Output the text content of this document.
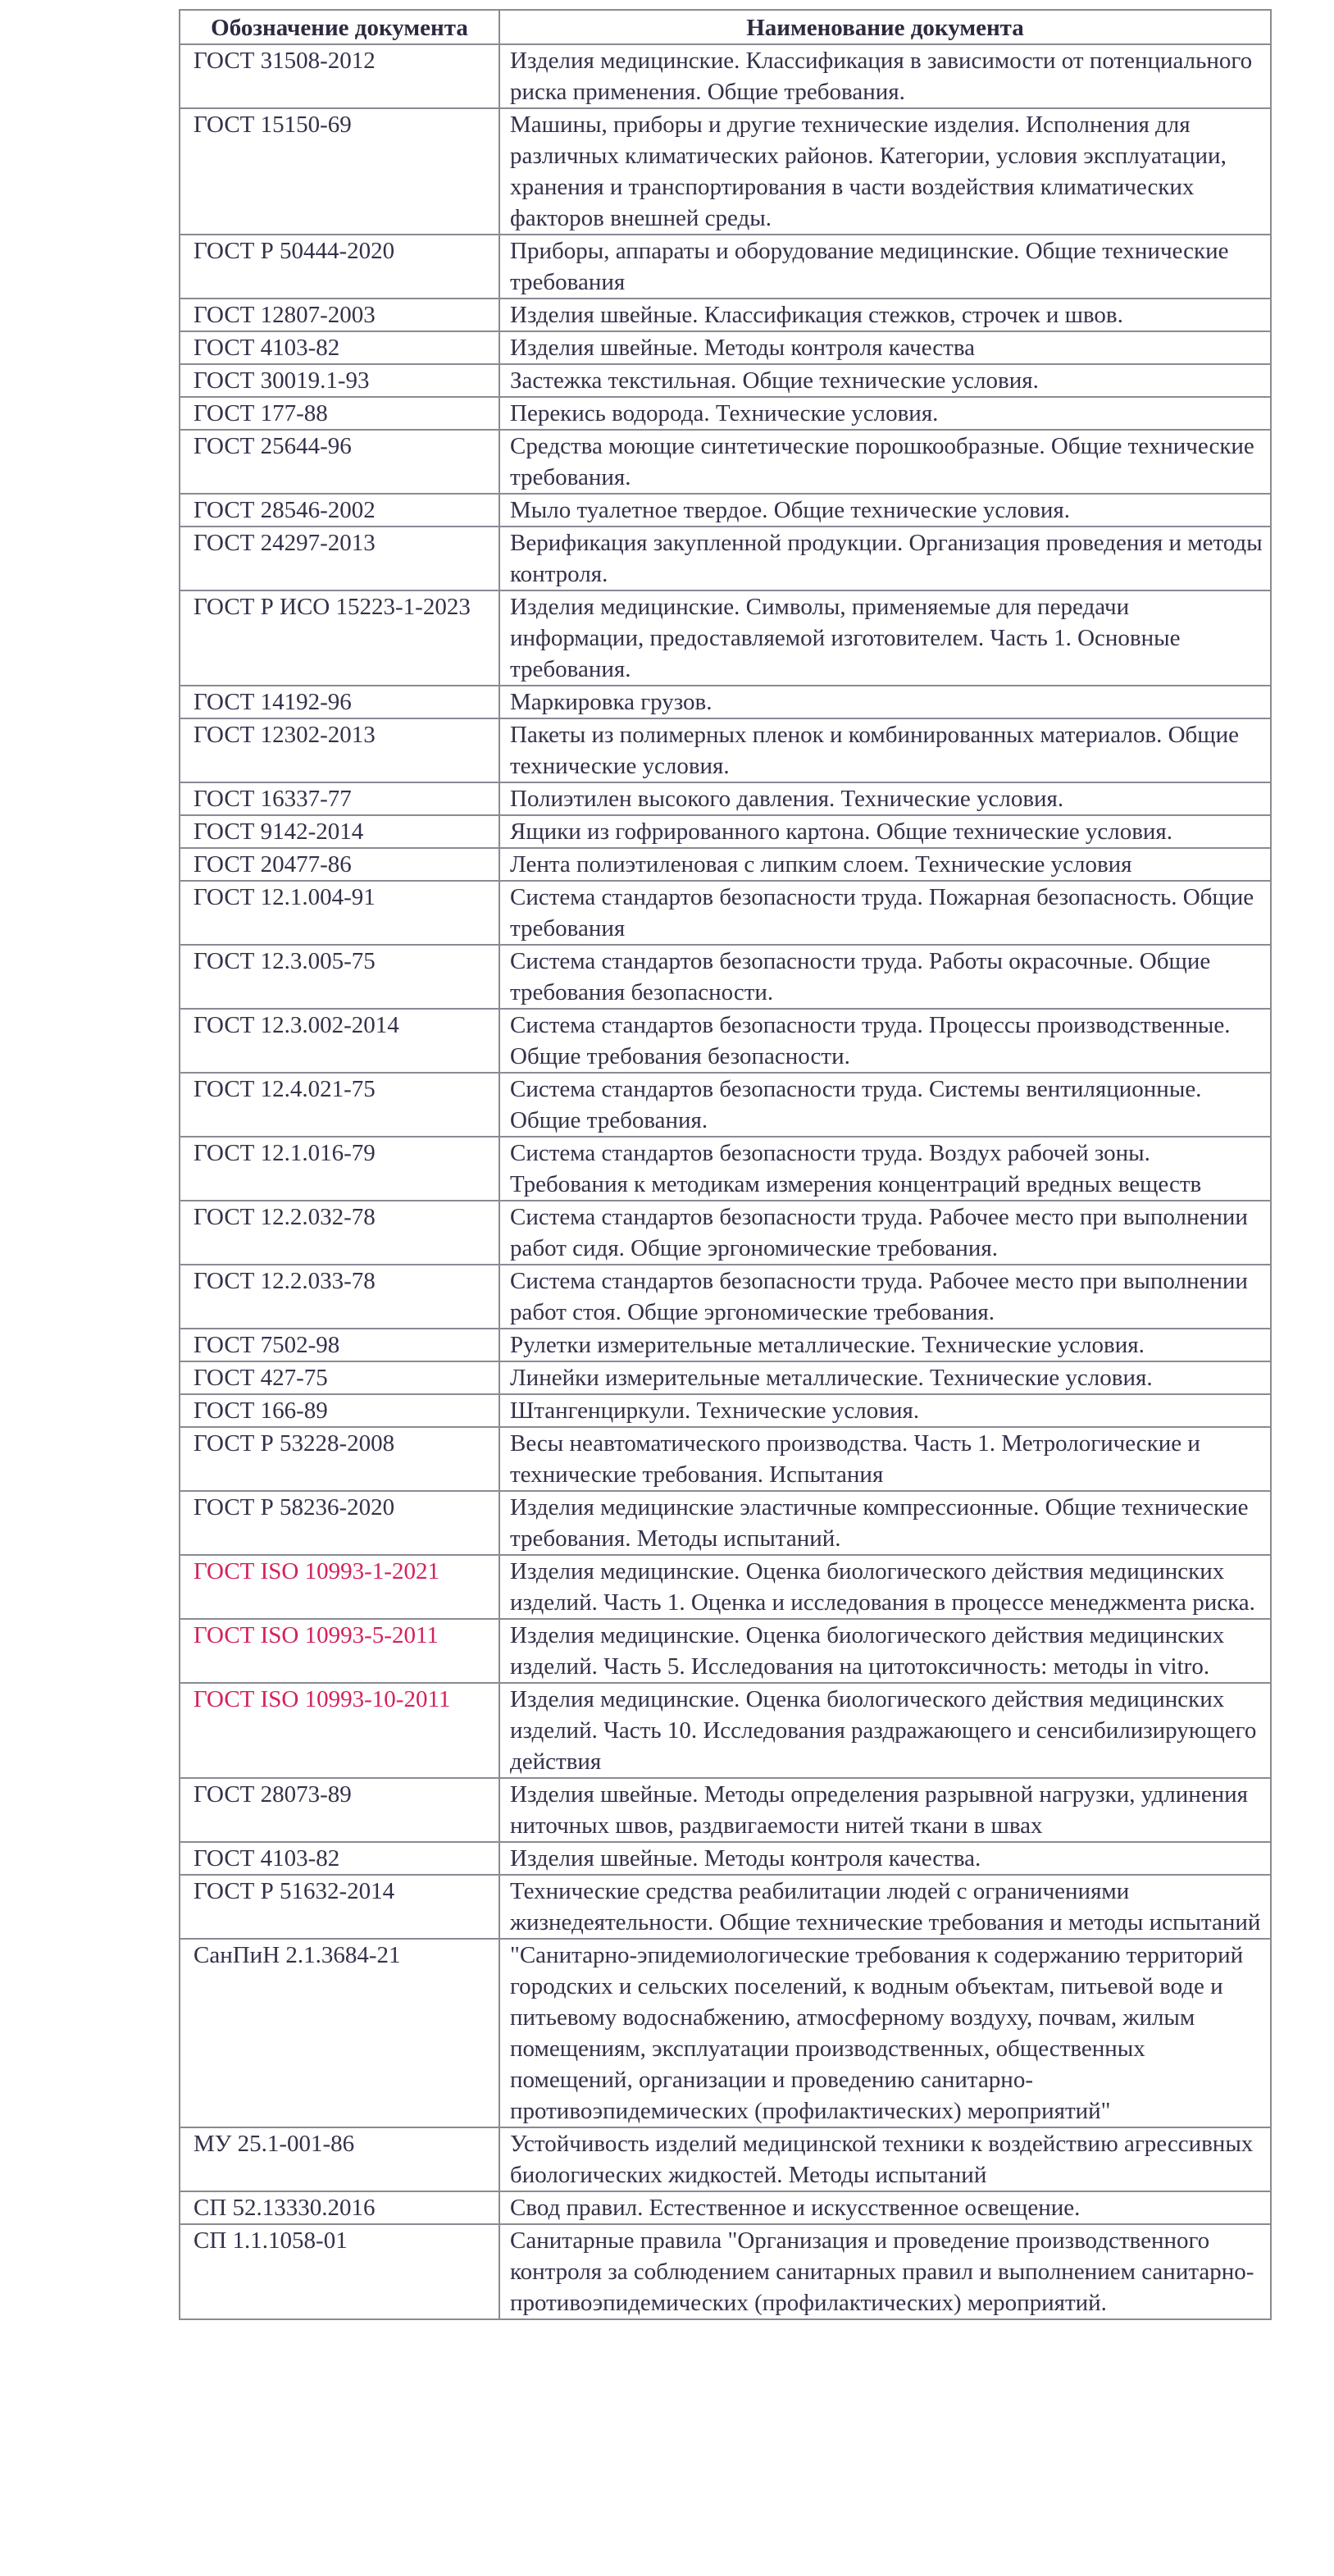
Обозначение документа	Наименование документа
ГОСТ 31508-2012	Изделия медицинские. Классификация в зависимости от потенциального риска применения. Общие требования.
ГОСТ 15150-69	Машины, приборы и другие технические изделия. Исполнения для различных климатических районов. Категории, условия эксплуатации, хранения и транспортирования в части воздействия климатических факторов внешней среды.
ГОСТ Р 50444-2020	Приборы, аппараты и оборудование медицинские. Общие технические требования
ГОСТ 12807-2003	Изделия швейные. Классификация стежков, строчек и швов.
ГОСТ 4103-82	Изделия швейные. Методы контроля качества
ГОСТ 30019.1-93	Застежка текстильная. Общие технические условия.
ГОСТ 177-88	Перекись водорода. Технические условия.
ГОСТ 25644-96	Средства моющие синтетические порошкообразные. Общие технические требования.
ГОСТ 28546-2002	Мыло туалетное твердое. Общие технические условия.
ГОСТ 24297-2013	Верификация закупленной продукции. Организация проведения и методы контроля.
ГОСТ Р ИСО 15223-1-2023	Изделия медицинские. Символы, применяемые для передачи информации, предоставляемой изготовителем. Часть 1. Основные требования.
ГОСТ 14192-96	Маркировка грузов.
ГОСТ 12302-2013	Пакеты из полимерных пленок и комбинированных материалов. Общие технические условия.
ГОСТ 16337-77	Полиэтилен высокого давления. Технические условия.
ГОСТ 9142-2014	Ящики из гофрированного картона. Общие технические условия.
ГОСТ 20477-86	Лента полиэтиленовая с липким слоем. Технические условия
ГОСТ 12.1.004-91	Система стандартов безопасности труда. Пожарная безопасность. Общие требования
ГОСТ 12.3.005-75	Система стандартов безопасности труда. Работы окрасочные. Общие требования безопасности.
ГОСТ 12.3.002-2014	Система стандартов безопасности труда. Процессы производственные. Общие требования безопасности.
ГОСТ 12.4.021-75	Система стандартов безопасности труда. Системы вентиляционные. Общие требования.
ГОСТ 12.1.016-79	Система стандартов безопасности труда. Воздух рабочей зоны. Требования к методикам измерения концентраций вредных веществ
ГОСТ 12.2.032-78	Система стандартов безопасности труда. Рабочее место при выполнении работ сидя. Общие эргономические требования.
ГОСТ 12.2.033-78	Система стандартов безопасности труда. Рабочее место при выполнении работ стоя. Общие эргономические требования.
ГОСТ 7502-98	Рулетки измерительные металлические. Технические условия.
ГОСТ 427-75	Линейки измерительные металлические. Технические условия.
ГОСТ 166-89	Штангенциркули. Технические условия.
ГОСТ Р 53228-2008	Весы неавтоматического производства. Часть 1. Метрологические и технические требования. Испытания
ГОСТ Р 58236-2020	Изделия медицинские эластичные компрессионные. Общие технические требования. Методы испытаний.
ГОСТ ISO 10993-1-2021	Изделия медицинские. Оценка биологического действия медицинских изделий. Часть 1. Оценка и исследования в процессе менеджмента риска.
ГОСТ ISO 10993-5-2011	Изделия медицинские. Оценка биологического действия медицинских изделий. Часть 5. Исследования на цитотоксичность: методы in vitro.
ГОСТ ISO 10993-10-2011	Изделия медицинские. Оценка биологического действия медицинских изделий. Часть 10. Исследования раздражающего и сенсибилизирующего действия
ГОСТ 28073-89	Изделия швейные. Методы определения разрывной нагрузки, удлинения ниточных швов, раздвигаемости нитей ткани в швах
ГОСТ 4103-82	Изделия швейные. Методы контроля качества.
ГОСТ Р 51632-2014	Технические средства реабилитации людей с ограничениями жизнедеятельности. Общие технические требования и методы испытаний
СанПиН 2.1.3684-21	"Санитарно-эпидемиологические требования к содержанию территорий городских и сельских поселений, к водным объектам, питьевой воде и питьевому водоснабжению, атмосферному воздуху, почвам, жилым помещениям, эксплуатации производственных, общественных помещений, организации и проведению санитарно-противоэпидемических (профилактических) мероприятий"
МУ 25.1-001-86	Устойчивость изделий медицинской техники к воздействию агрессивных биологических жидкостей. Методы испытаний
СП 52.13330.2016	Свод правил. Естественное и искусственное освещение.
СП 1.1.1058-01	Санитарные правила "Организация и проведение производственного контроля за соблюдением санитарных правил и выполнением санитарно-противоэпидемических (профилактических) мероприятий.
